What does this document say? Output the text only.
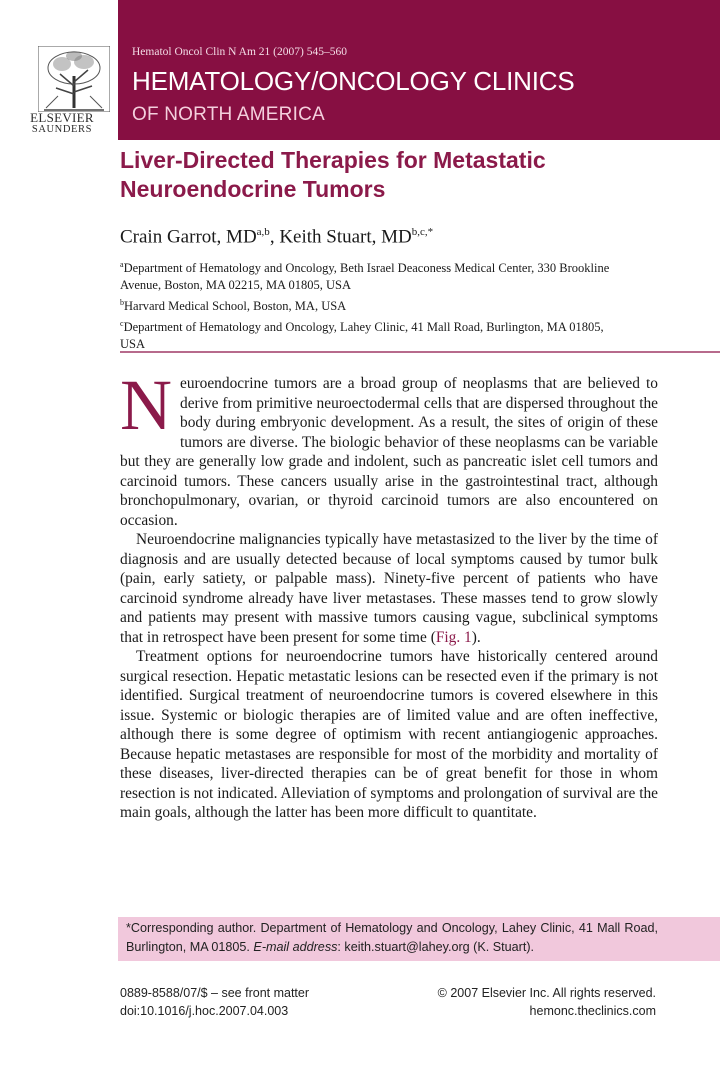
ELSEVIER
SAUNDERS
Hematol Oncol Clin N Am 21 (2007) 545–560
HEMATOLOGY/ONCOLOGY CLINICS
OF NORTH AMERICA
Liver-Directed Therapies for Metastatic Neuroendocrine Tumors
Crain Garrot, MD$^{a,b}$, Keith Stuart, $MD^{b,c,*}$
$^a$Department of Hematology and Oncology, Beth Israel Deaconess Medical Center, 330 Brookline Avenue, Boston, MA 02215, MA 01805, USA
$^b$Harvard Medical School, Boston, MA, USA
$^c$Department of Hematology and Oncology, Lahey Clinic, 41 Mall Road, Burlington, MA 01805, USA

Neuroendocrine tumors are a broad group of neoplasms that are believed to derive from primitive neuroectodermal cells that are dispersed throughout the body during embryonic development. As a result, the sites of origin of these tumors are diverse. The biologic behavior of these neoplasms can be variable but they are generally low grade and indolent, such as pancreatic islet cell tumors and carcinoid tumors. These cancers usually arise in the gastrointestinal tract, although bronchopulmonary, ovarian, or thyroid carcinoid tumors are also encountered on occasion.

Neuroendocrine malignancies typically have metastasized to the liver by the time of diagnosis and are usually detected because of local symptoms caused by tumor bulk (pain, early satiety, or palpable mass). Ninety-five percent of patients who have carcinoid syndrome already have liver metastases. These masses tend to grow slowly and patients may present with massive tumors causing vague, subclinical symptoms that in retrospect have been present for some time (Fig. 1).

Treatment options for neuroendocrine tumors have historically centered around surgical resection. Hepatic metastatic lesions can be resected even if the primary is not identified. Surgical treatment of neuroendocrine tumors is covered elsewhere in this issue. Systemic or biologic therapies are of limited value and are often ineffective, although there is some degree of optimism with recent antiangiogenic approaches. Because hepatic metastases are responsible for most of the morbidity and mortality of these diseases, liver-directed therapies can be of great benefit for those in whom resection is not indicated. Alleviation of symptoms and prolongation of survival are the main goals, although the latter has been more difficult to quantitate.

*Corresponding author. Department of Hematology and Oncology, Lahey Clinic, 41 Mall Road, Burlington, MA 01805. E-mail address: keith.stuart@lahey.org (K. Stuart).
0889-8588/07/$ – see front matter
doi:10.1016/j.hoc.2007.04.003
© 2007 Elsevier Inc. All rights reserved.
hemonc.theclinics.com
